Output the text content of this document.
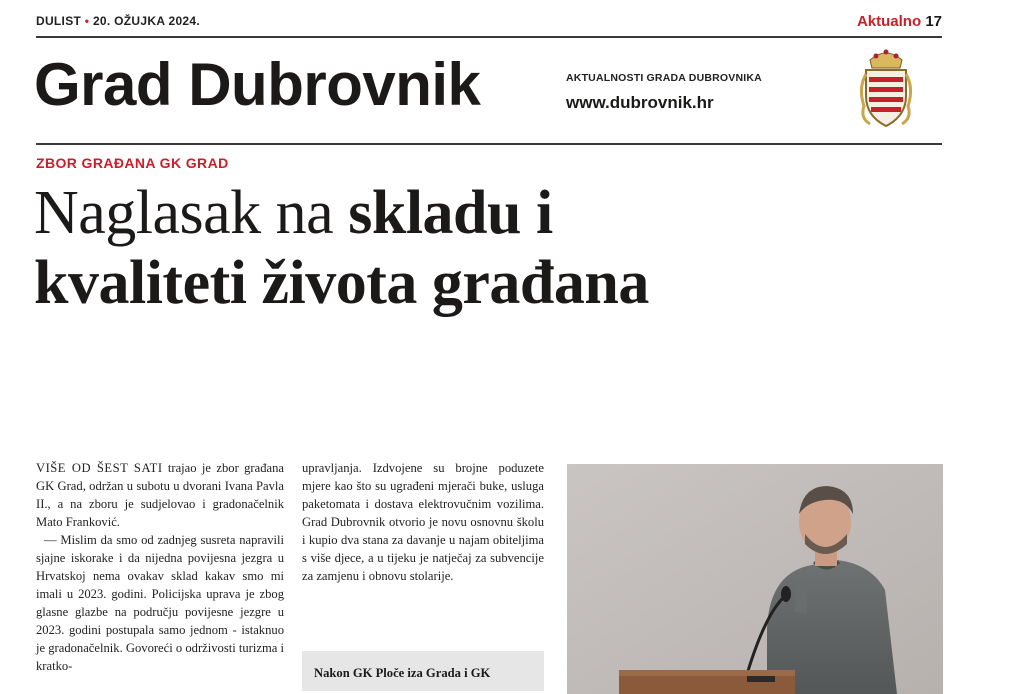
DULIST • 20. OŽUJKA 2024.	Aktualno 17
Grad Dubrovnik	AKTUALNOSTI GRADA DUBROVNIKA
www.dubrovnik.hr
ZBOR GRAĐANA GK GRAD
Naglasak na skladu i
kvaliteti života građana

VIŠE OD ŠEST SATI trajao je zbor građana GK Grad, održan u subotu u dvorani Ivana Pavla II., a na zboru je sudjelovao i gradonačelnik Mato Franković.

— Mislim da smo od zadnjeg susreta napravili sjajne iskorake i da nijedna povijesna jezgra u Hrvatskoj nema ovakav sklad kakav smo mi imali u 2023. godini. Policijska uprava je zbog glasne glazbe na području povijesne jezgre u 2023. godini postupala samo jednom - istaknuo je gradonačelnik. Govoreći o održivosti turizma i kratko-

upravljanja. Izdvojene su brojne poduzete mjere kao što su ugrađeni mjerači buke, usluga paketomata i dostava elektrovučnim vozilima. Grad Dubrovnik otvorio je novu osnovnu školu i kupio dva stana za davanje u najam obiteljima s više djece, a u tijeku je natječaj za subvencije za zamjenu i obnovu stolarije.

Nakon GK Ploče iza Grada i GK
